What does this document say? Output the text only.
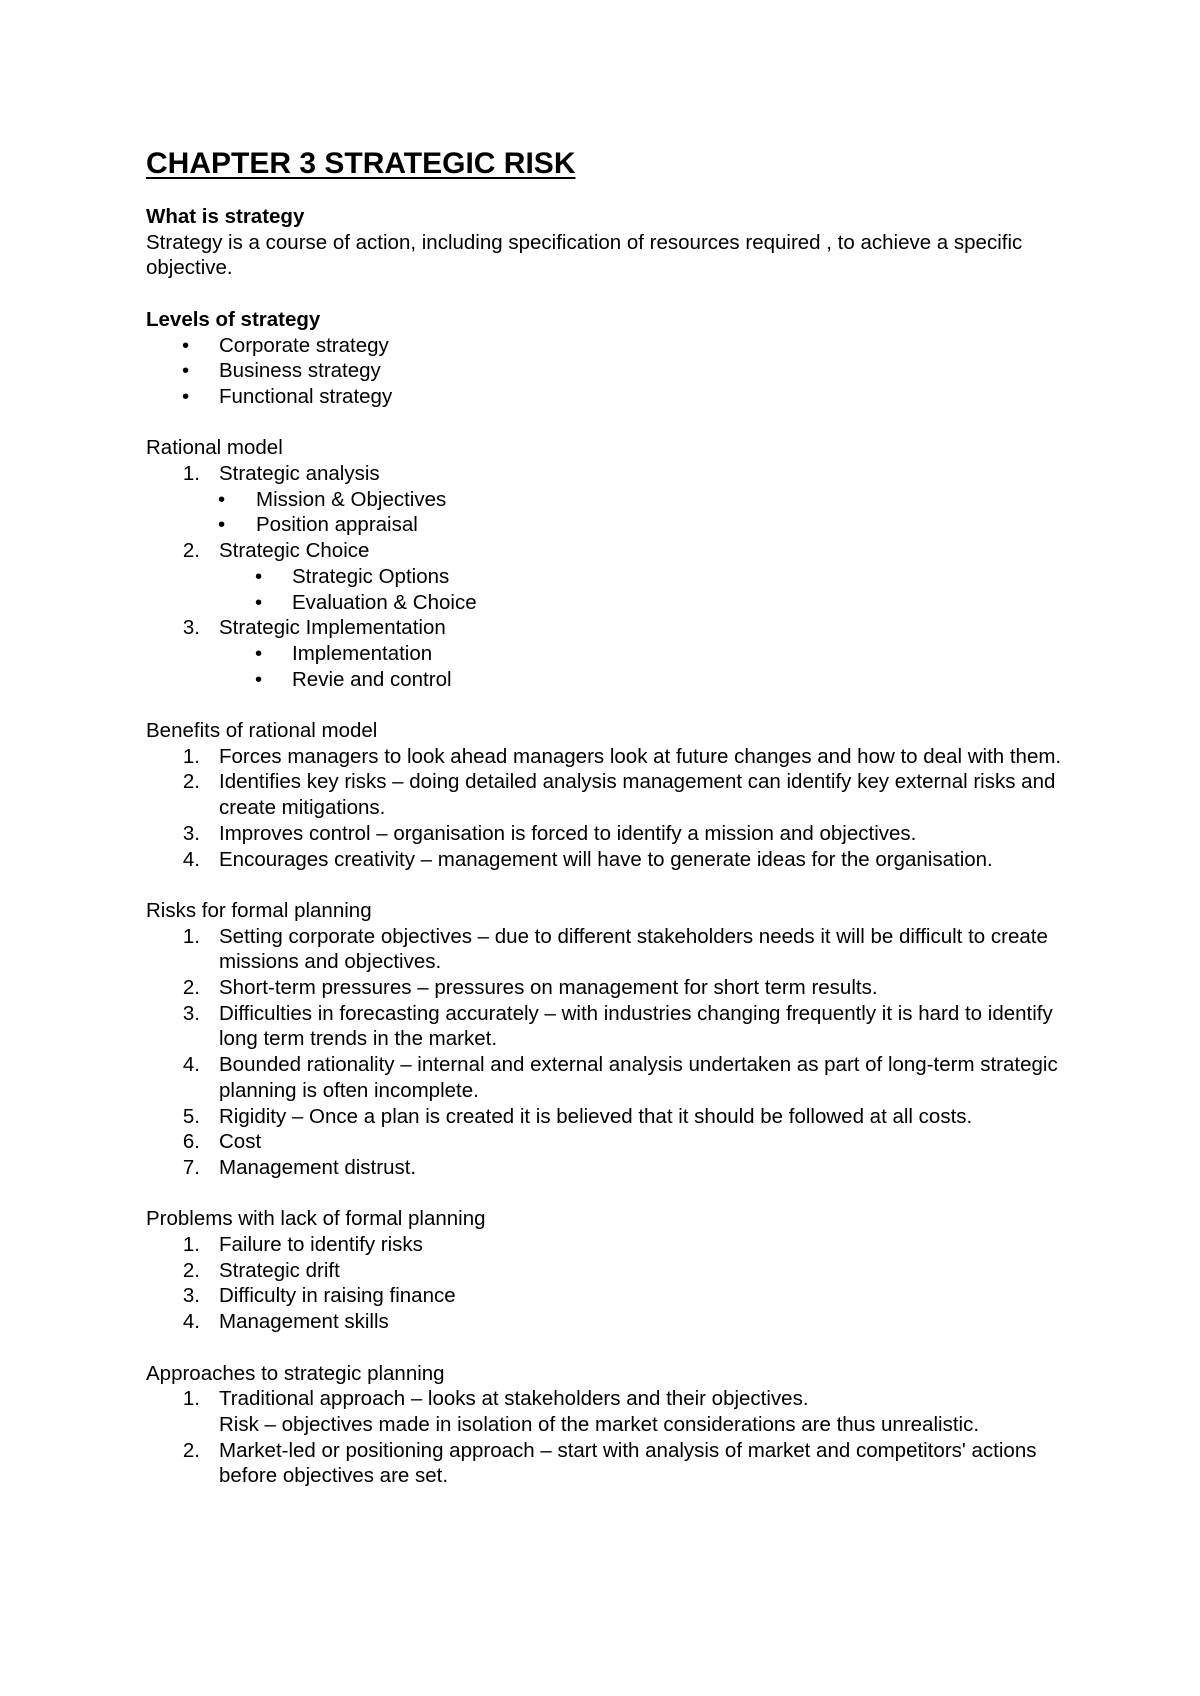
CHAPTER 3 STRATEGIC RISK
What is strategy

Strategy is a course of action, including specification of resources required , to achieve a specific objective.

Levels of strategy
•	Corporate strategy
•	Business strategy
•	Functional strategy
Rational model
1. Strategic analysis
•	Mission & Objectives
•	Position appraisal
2. Strategic Choice
•	Strategic Options
•	Evaluation & Choice
3. Strategic Implementation
•	Implementation
•	Revie and control
Benefits of rational model
1. Forces managers to look ahead managers look at future changes and how to deal with them.
2. Identifies key risks – doing detailed analysis management can identify key external risks and create mitigations.
3. Improves control – organisation is forced to identify a mission and objectives.
4. Encourages creativity – management will have to generate ideas for the organisation.
Risks for formal planning
1. Setting corporate objectives – due to different stakeholders needs it will be difficult to create missions and objectives.
2. Short-term pressures – pressures on management for short term results.
3. Difficulties in forecasting accurately – with industries changing frequently it is hard to identify long term trends in the market.
4. Bounded rationality – internal and external analysis undertaken as part of long-term strategic planning is often incomplete.
5. Rigidity – Once a plan is created it is believed that it should be followed at all costs.
6. Cost
7. Management distrust.
Problems with lack of formal planning
1. Failure to identify risks
2. Strategic drift
3. Difficulty in raising finance
4. Management skills
Approaches to strategic planning
1. Traditional approach – looks at stakeholders and their objectives.
Risk – objectives made in isolation of the market considerations are thus unrealistic.
2. Market-led or positioning approach – start with analysis of market and competitors' actions before objectives are set.
